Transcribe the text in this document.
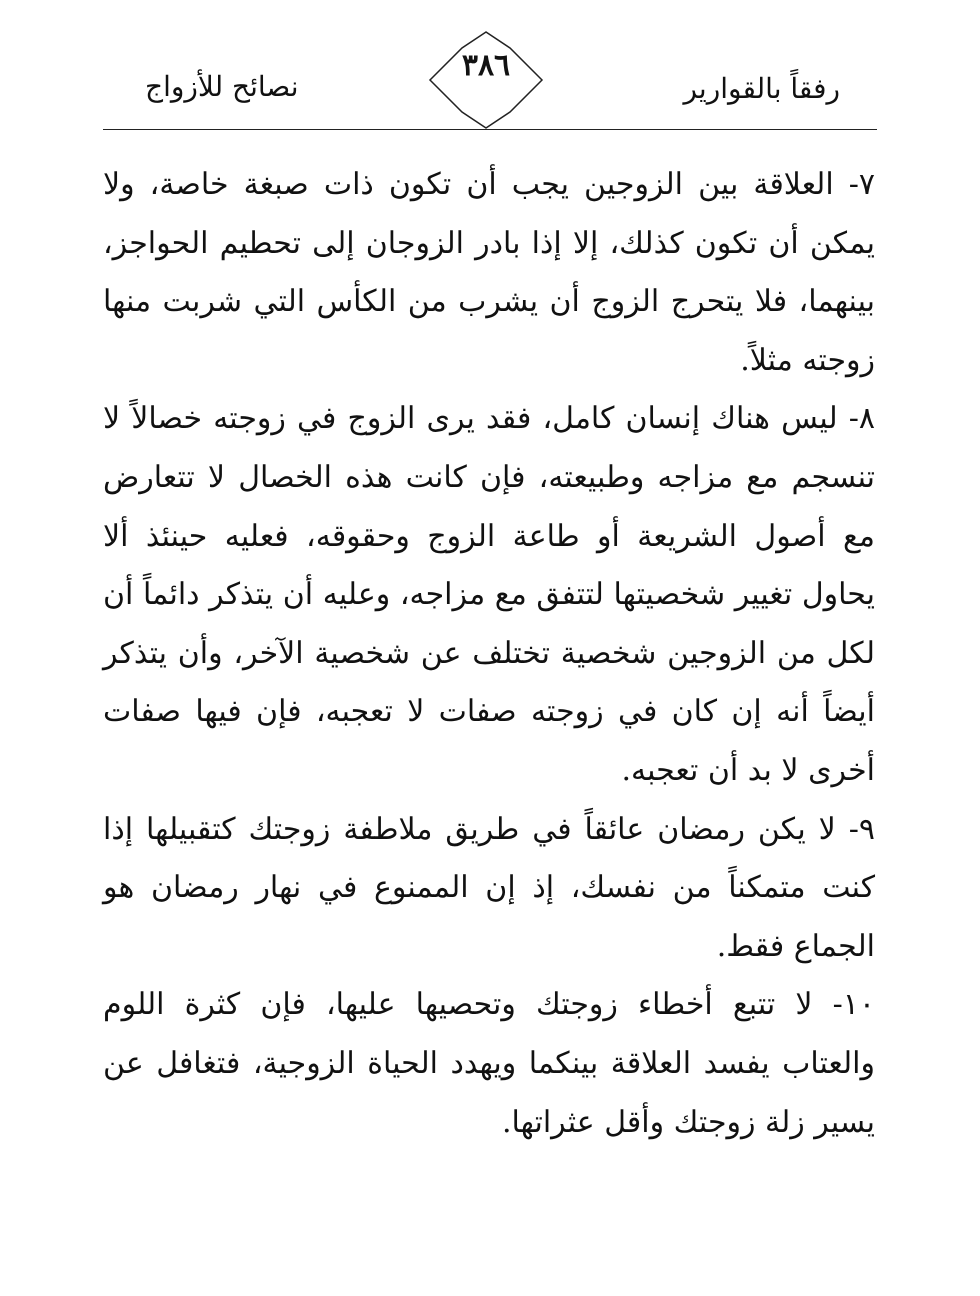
رفقاً بالقوارير
٣٨٦
نصائح للأزواج

٧- العلاقة بين الزوجين يجب أن تكون ذات صبغة خاصة، ولا يمكن أن تكون كذلك، إلا إذا بادر الزوجان إلى تحطيم الحواجز، بينهما، فلا يتحرج الزوج أن يشرب من الكأس التي شربت منها زوجته مثلاً.

٨- ليس هناك إنسان كامل، فقد يرى الزوج في زوجته خصالاً لا تنسجم مع مزاجه وطبيعته، فإن كانت هذه الخصال لا تتعارض مع أصول الشريعة أو طاعة الزوج وحقوقه، فعليه حينئذ ألا يحاول تغيير شخصيتها لتتفق مع مزاجه، وعليه أن يتذكر دائماً أن لكل من الزوجين شخصية تختلف عن شخصية الآخر، وأن يتذكر أيضاً أنه إن كان في زوجته صفات لا تعجبه، فإن فيها صفات أخرى لا بد أن تعجبه.

٩- لا يكن رمضان عائقاً في طريق ملاطفة زوجتك كتقبيلها إذا كنت متمكناً من نفسك، إذ إن الممنوع في نهار رمضان هو الجماع فقط.

١٠- لا تتبع أخطاء زوجتك وتحصيها عليها، فإن كثرة اللوم والعتاب يفسد العلاقة بينكما ويهدد الحياة الزوجية، فتغافل عن يسير زلة زوجتك وأقل عثراتها.
